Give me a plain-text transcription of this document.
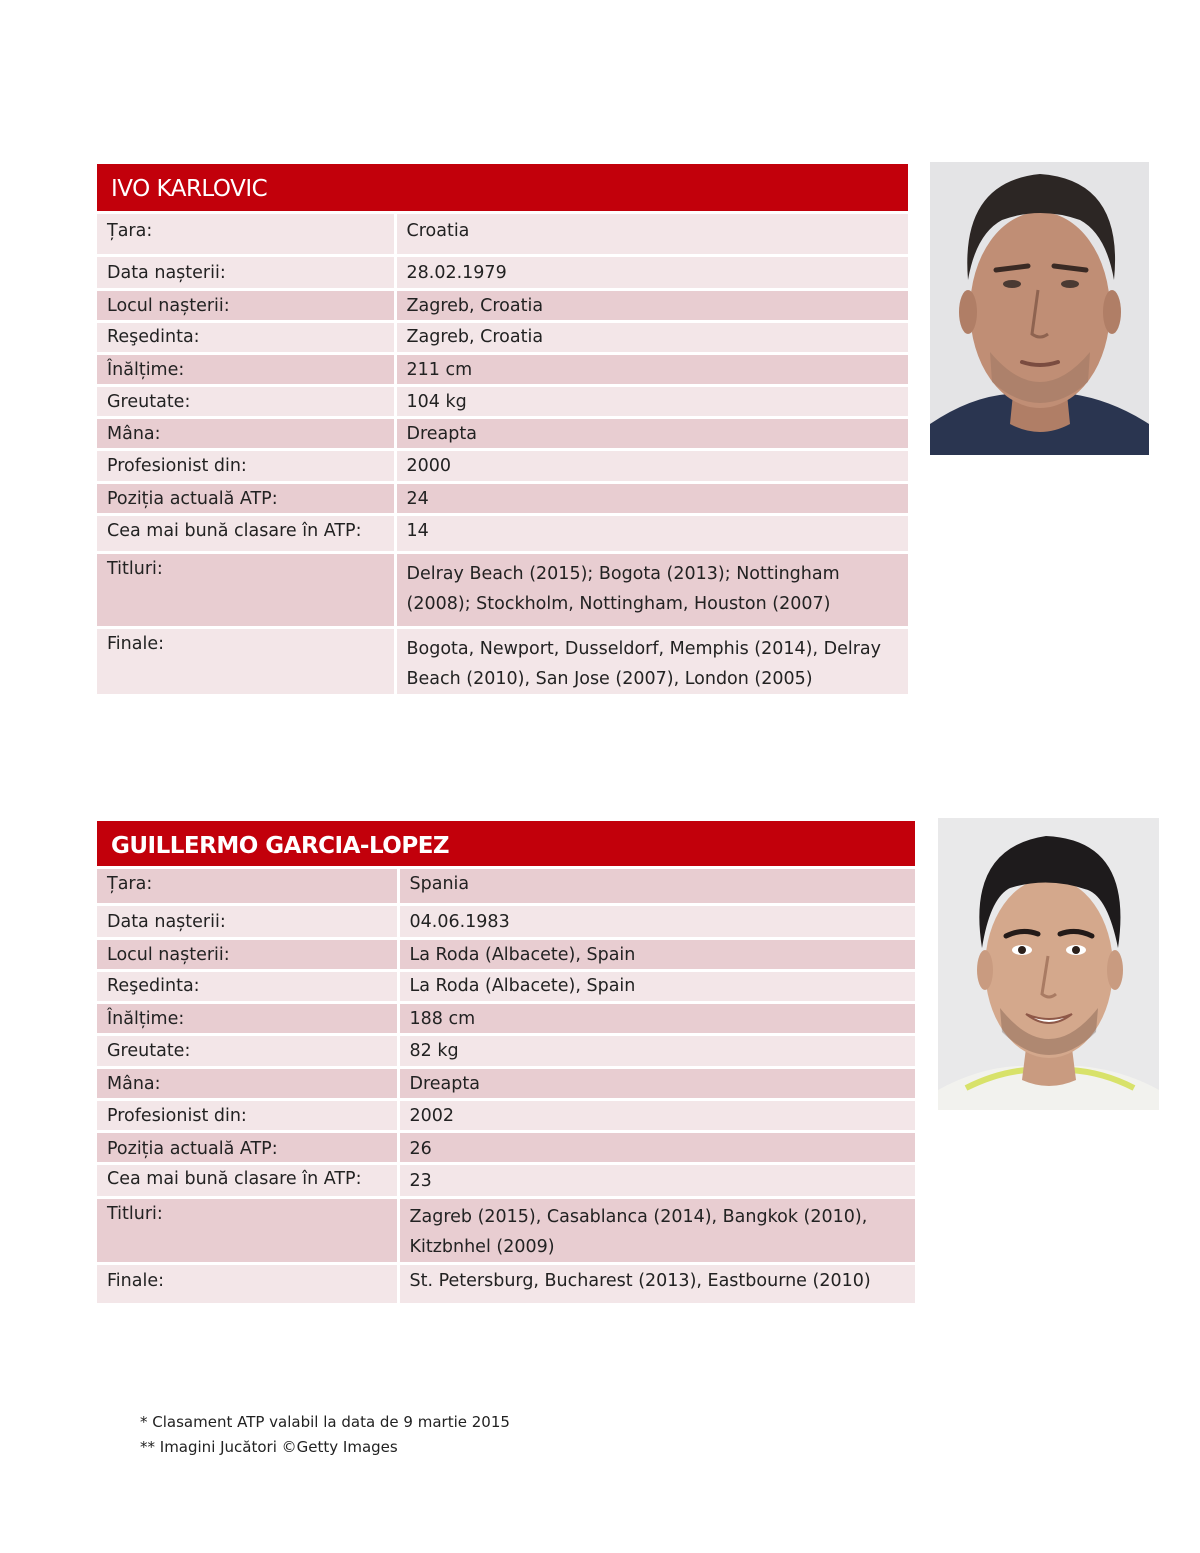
IVO KARLOVIC
Țara:	Croatia
Data nașterii:	28.02.1979
Locul nașterii:	Zagreb, Croatia
Reşedinta:	Zagreb, Croatia
Înălțime:	211 cm
Greutate:	104 kg
Mâna:	Dreapta
Profesionist din:	2000
Poziția actuală ATP:	24
Cea mai bună clasare în ATP:	14
Titluri:	Delray Beach (2015); Bogota (2013); Nottingham (2008); Stockholm, Nottingham, Houston (2007)
Finale:	Bogota, Newport, Dusseldorf, Memphis (2014), Delray Beach (2010), San Jose (2007), London (2005)
GUILLERMO GARCIA-LOPEZ
Țara:	Spania
Data nașterii:	04.06.1983
Locul nașterii:	La Roda (Albacete), Spain
Reşedinta:	La Roda (Albacete), Spain
Înălțime:	188 cm
Greutate:	82 kg
Mâna:	Dreapta
Profesionist din:	2002
Poziția actuală ATP:	26
Cea mai bună clasare în ATP:	23
Titluri:	Zagreb (2015), Casablanca (2014), Bangkok (2010), Kitzbnhel (2009)
Finale:	St. Petersburg, Bucharest (2013), Eastbourne (2010)
* Clasament ATP valabil la data de 9 martie 2015
** Imagini Jucători ©Getty Images
